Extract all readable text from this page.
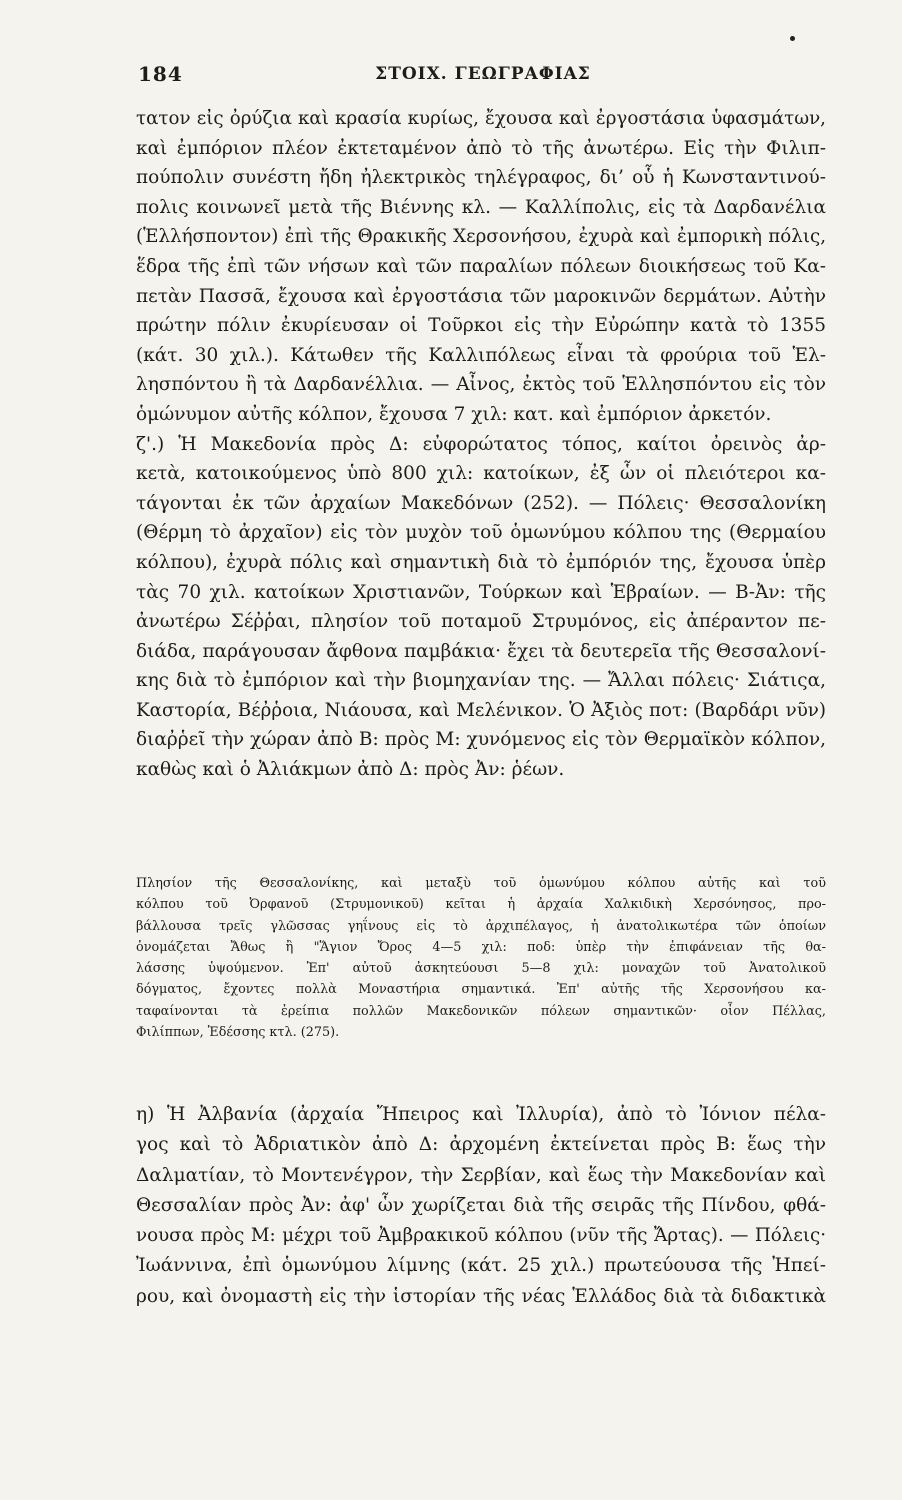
184	ΣΤΟΙΧ. ΓΕΩΓΡΑΦΙΑΣ
τατον εἰς ὀρύζια καὶ κρασία κυρίως, ἔχουσα καὶ ἐργοστάσια ὑφασμάτων,
καὶ ἐμπόριον πλέον ἐκτεταμένον ἀπὸ τὸ τῆς ἀνωτέρω. Εἰς τὴν Φιλιπ-
πούπολιν συνέστη ἤδη ἠλεκτρικὸς τηλέγραφος, δι’ οὗ ἡ Κωνσταντινού-
πολις κοινωνεῖ μετὰ τῆς Βιέννης κλ. — Καλλίπολις, εἰς τὰ Δαρδανέλια
(Ἑλλήσποντον) ἐπὶ τῆς Θρακικῆς Χερσονήσου, ἐχυρὰ καὶ ἐμπορικὴ πόλις,
ἕδρα τῆς ἐπὶ τῶν νήσων καὶ τῶν παραλίων πόλεων διοικήσεως τοῦ Κα-
πετὰν Πασσᾶ, ἔχουσα καὶ ἐργοστάσια τῶν μαροκινῶν δερμάτων. Αὐτὴν
πρώτην πόλιν ἐκυρίευσαν οἱ Τοῦρκοι εἰς τὴν Εὐρώπην κατὰ τὸ 1355
(κάτ. 30 χιλ.). Κάτωθεν τῆς Καλλιπόλεως εἶναι τὰ φρούρια τοῦ Ἑλ-
λησπόντου ἢ τὰ Δαρδανέλλια. — Αἶνος, ἐκτὸς τοῦ Ἑλλησπόντου εἰς τὸν
ὁμώνυμον αὐτῆς κόλπον, ἔχουσα 7 χιλ: κατ. καὶ ἐμπόριον ἀρκετόν.
ζ'.) Ἡ Μακεδονία πρὸς Δ: εὐφορώτατος τόπος, καίτοι ὀρεινὸς ἀρ-
κετὰ, κατοικούμενος ὑπὸ 800 χιλ: κατοίκων, ἐξ ὧν οἱ πλειότεροι κα-
τάγονται ἐκ τῶν ἀρχαίων Μακεδόνων (252). — Πόλεις· Θεσσαλονίκη
(Θέρμη τὸ ἀρχαῖον) εἰς τὸν μυχὸν τοῦ ὁμωνύμου κόλπου της (Θερμαίου
κόλπου), ἐχυρὰ πόλις καὶ σημαντικὴ διὰ τὸ ἐμπόριόν της, ἔχουσα ὑπὲρ
τὰς 70 χιλ. κατοίκων Χριστιανῶν, Τούρκων καὶ Ἑβραίων. — Β-Ἀν: τῆς
ἀνωτέρω Σέῤῥαι, πλησίον τοῦ ποταμοῦ Στρυμόνος, εἰς ἀπέραντον πε-
διάδα, παράγουσαν ἄφθονα παμβάκια· ἔχει τὰ δευτερεῖα τῆς Θεσσαλονί-
κης διὰ τὸ ἐμπόριον καὶ τὴν βιομηχανίαν της. — Ἄλλαι πόλεις· Σιάτιςα,
Καστορία, Βέῤῥοια, Νιάουσα, καὶ Μελένικον. Ὁ Ἀξιὸς ποτ: (Βαρδάρι νῦν)
διαῤῥεῖ τὴν χώραν ἀπὸ Β: πρὸς Μ: χυνόμενος εἰς τὸν Θερμαϊκὸν κόλπον,
καθὼς καὶ ὁ Ἀλιάκμων ἀπὸ Δ: πρὸς Ἀν: ῥέων.
Πλησίον τῆς Θεσσαλονίκης, καὶ μεταξὺ τοῦ ὁμωνύμου κόλπου αὐτῆς καὶ τοῦ
κόλπου τοῦ Ὀρφανοῦ (Στρυμονικοῦ) κεῖται ἡ ἀρχαία Χαλκιδικὴ Χερσόνησος, προ-
βάλλουσα τρεῖς γλῶσσας γηΐνους εἰς τὸ ἀρχιπέλαγος, ἡ ἀνατολικωτέρα τῶν ὁποίων
ὀνομάζεται Ἄθως ἢ "Ἅγιον Ὄρος 4—5 χιλ: ποδ: ὑπὲρ τὴν ἐπιφάνειαν τῆς θα-
λάσσης ὑψούμενον. Ἐπ' αὐτοῦ ἀσκητεύουσι 5—8 χιλ: μοναχῶν τοῦ Ἀνατολικοῦ
δόγματος, ἔχοντες πολλὰ Μοναστήρια σημαντικά. Ἐπ' αὐτῆς τῆς Χερσονήσου κα-
ταφαίνονται τὰ ἐρείπια πολλῶν Μακεδονικῶν πόλεων σημαντικῶν· οἷον Πέλλας,
Φιλίππων, Ἐδέσσης κτλ. (275).
η) Ἡ Ἀλβανία (ἀρχαία Ἤπειρος καὶ Ἰλλυρία), ἀπὸ τὸ Ἰόνιον πέλα-
γος καὶ τὸ Ἀδριατικὸν ἀπὸ Δ: ἀρχομένη ἐκτείνεται πρὸς Β: ἕως τὴν
Δαλματίαν, τὸ Μοντενέγρον, τὴν Σερβίαν, καὶ ἕως τὴν Μακεδονίαν καὶ
Θεσσαλίαν πρὸς Ἀν: ἀφ' ὧν χωρίζεται διὰ τῆς σειρᾶς τῆς Πίνδου, φθά-
νουσα πρὸς Μ: μέχρι τοῦ Ἀμβρακικοῦ κόλπου (νῦν τῆς Ἄρτας). — Πόλεις·
Ἰωάννινα, ἐπὶ ὁμωνύμου λίμνης (κάτ. 25 χιλ.) πρωτεύουσα τῆς Ἠπεί-
ρου, καὶ ὀνομαστὴ εἰς τὴν ἱστορίαν τῆς νέας Ἑλλάδος διὰ τὰ διδακτικὰ
